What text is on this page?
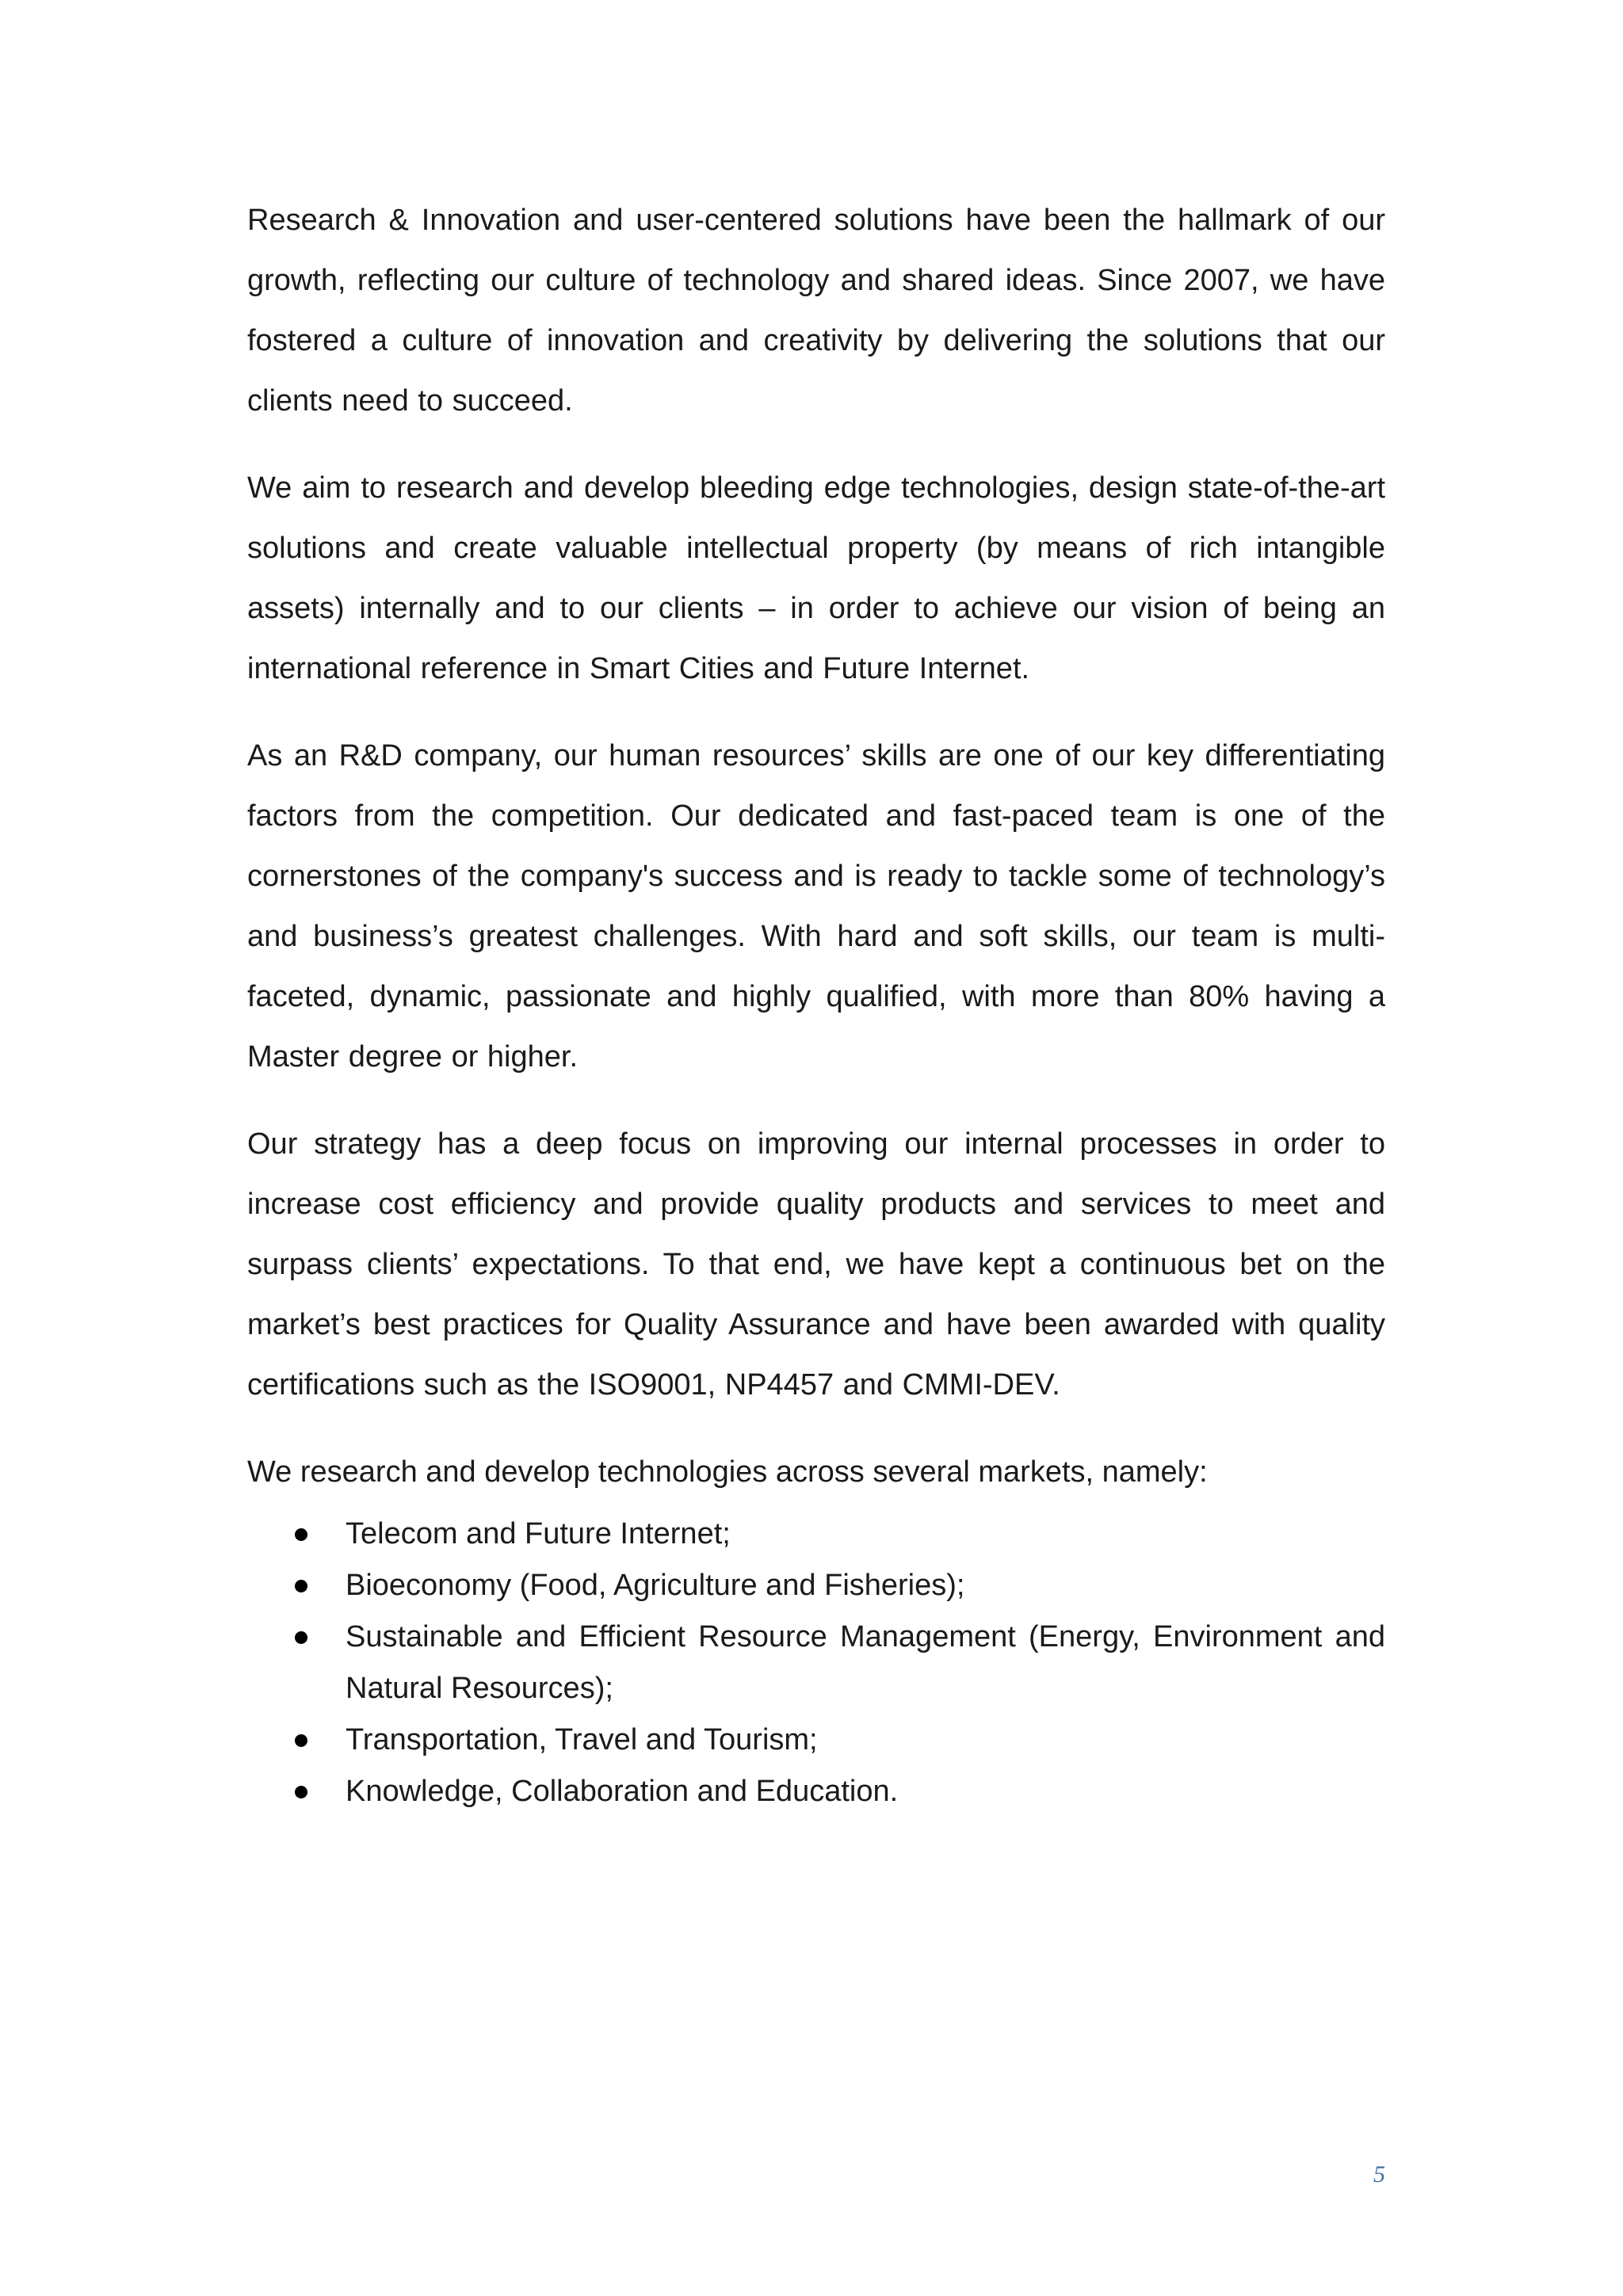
Research & Innovation and user-centered solutions have been the hallmark of our growth, reflecting our culture of technology and shared ideas. Since 2007, we have fostered a culture of innovation and creativity by delivering the solutions that our clients need to succeed.

We aim to research and develop bleeding edge technologies, design state-of-the-art solutions and create valuable intellectual property (by means of rich intangible assets) internally and to our clients – in order to achieve our vision of being an international reference in Smart Cities and Future Internet.

As an R&D company, our human resources’ skills are one of our key differentiating factors from the competition. Our dedicated and fast-paced team is one of the cornerstones of the company's success and is ready to tackle some of technology’s and business’s greatest challenges. With hard and soft skills, our team is multi-faceted, dynamic, passionate and highly qualified, with more than 80% having a Master degree or higher.

Our strategy has a deep focus on improving our internal processes in order to increase cost efficiency and provide quality products and services to meet and surpass clients’ expectations. To that end, we have kept a continuous bet on the market’s best practices for Quality Assurance and have been awarded with quality certifications such as the ISO9001, NP4457 and CMMI-DEV.

We research and develop technologies across several markets, namely:

Telecom and Future Internet;
Bioeconomy (Food, Agriculture and Fisheries);
Sustainable and Efficient Resource Management (Energy, Environment and Natural Resources);
Transportation, Travel and Tourism;
Knowledge, Collaboration and Education.
5
